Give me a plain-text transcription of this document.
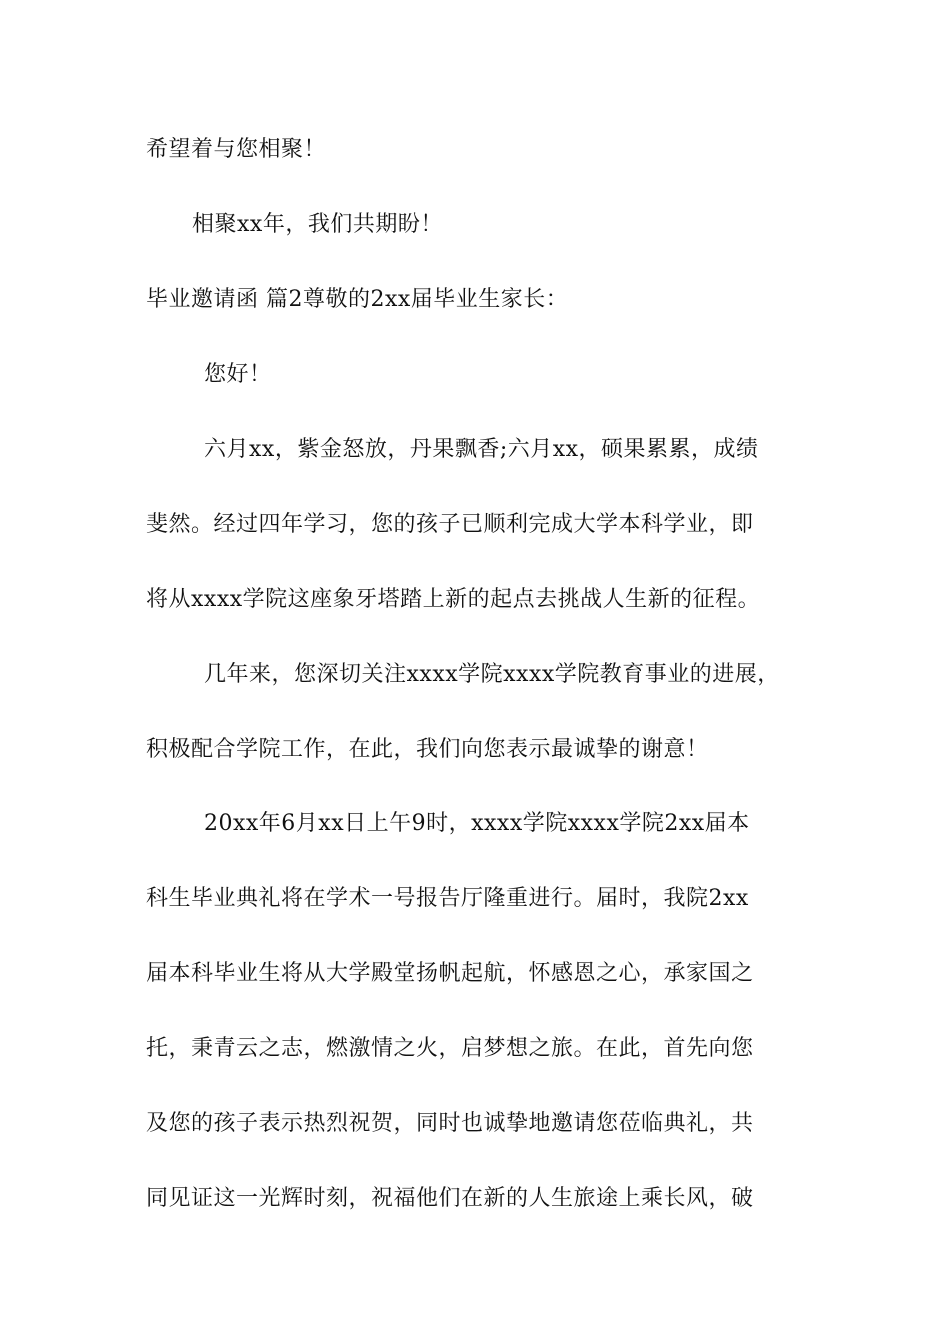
希望着与您相聚！
相聚xx年，我们共期盼！
毕业邀请函 篇2尊敬的2xx届毕业生家长：
您好！
六月xx，紫金怒放，丹果飘香;六月xx，硕果累累，成绩
斐然。经过四年学习，您的孩子已顺利完成大学本科学业，即
将从xxxx学院这座象牙塔踏上新的起点去挑战人生新的征程。
几年来，您深切关注xxxx学院xxxx学院教育事业的进展，
积极配合学院工作，在此，我们向您表示最诚挚的谢意！
20xx年6月xx日上午9时，xxxx学院xxxx学院2xx届本
科生毕业典礼将在学术一号报告厅隆重进行。届时，我院2xx
届本科毕业生将从大学殿堂扬帆起航，怀感恩之心，承家国之
托，秉青云之志，燃激情之火，启梦想之旅。在此，首先向您
及您的孩子表示热烈祝贺，同时也诚挚地邀请您莅临典礼，共
同见证这一光辉时刻，祝福他们在新的人生旅途上乘长风，破
